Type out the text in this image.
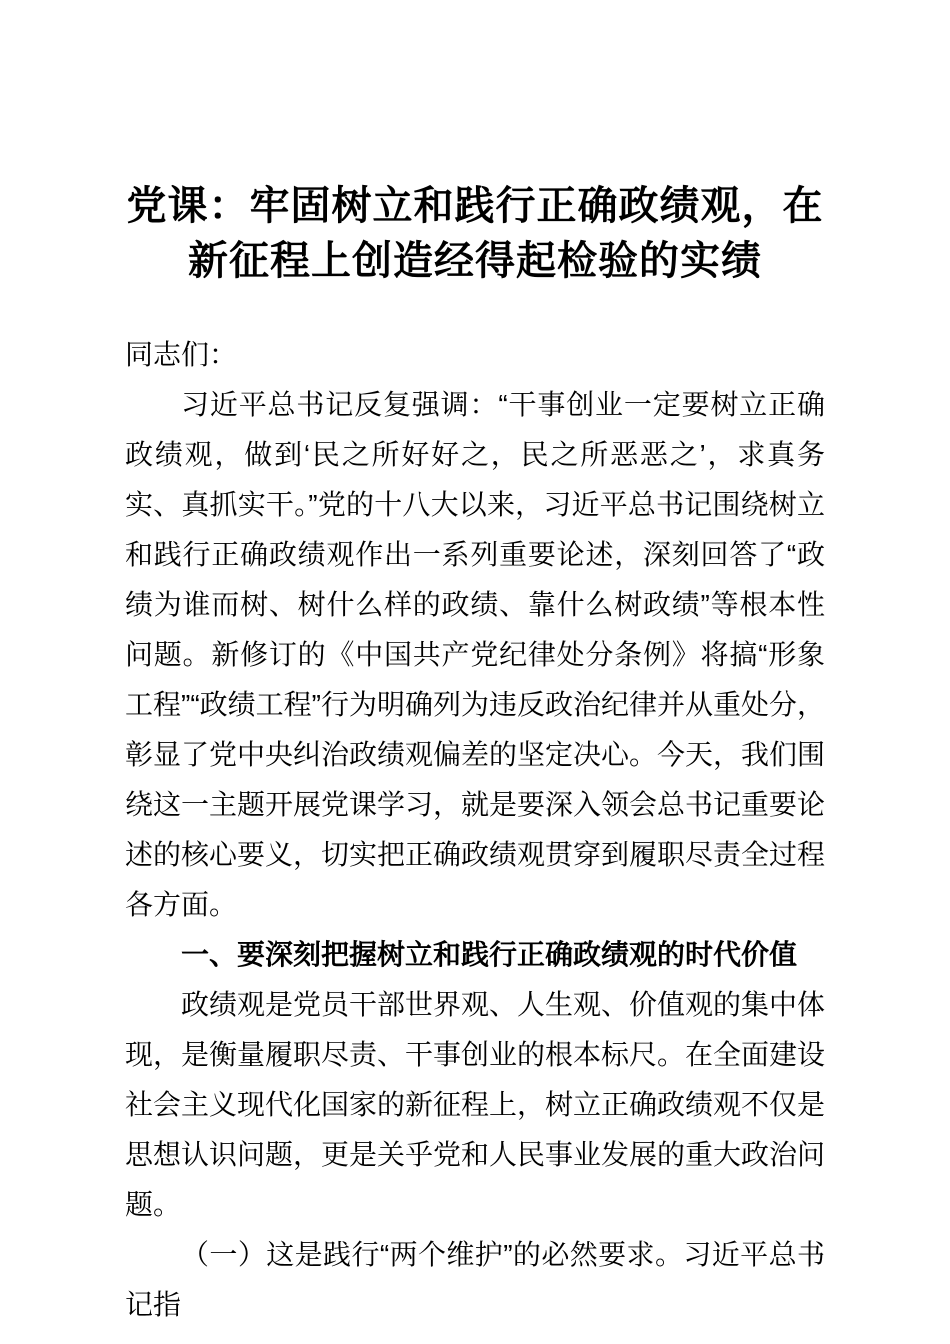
党课：牢固树立和践行正确政绩观，在新征程上创造经得起检验的实绩

同志们：

习近平总书记反复强调：“干事创业一定要树立正确政绩观，做到‘民之所好好之，民之所恶恶之’，求真务实、真抓实干。”党的十八大以来，习近平总书记围绕树立和践行正确政绩观作出一系列重要论述，深刻回答了“政绩为谁而树、树什么样的政绩、靠什么树政绩”等根本性问题。新修订的《中国共产党纪律处分条例》将搞“形象工程”“政绩工程”行为明确列为违反政治纪律并从重处分，彰显了党中央纠治政绩观偏差的坚定决心。今天，我们围绕这一主题开展党课学习，就是要深入领会总书记重要论述的核心要义，切实把正确政绩观贯穿到履职尽责全过程各方面。

一、要深刻把握树立和践行正确政绩观的时代价值

政绩观是党员干部世界观、人生观、价值观的集中体现，是衡量履职尽责、干事创业的根本标尺。在全面建设社会主义现代化国家的新征程上，树立正确政绩观不仅是思想认识问题，更是关乎党和人民事业发展的重大政治问题。

（一）这是践行“两个维护”的必然要求。习近平总书记指
